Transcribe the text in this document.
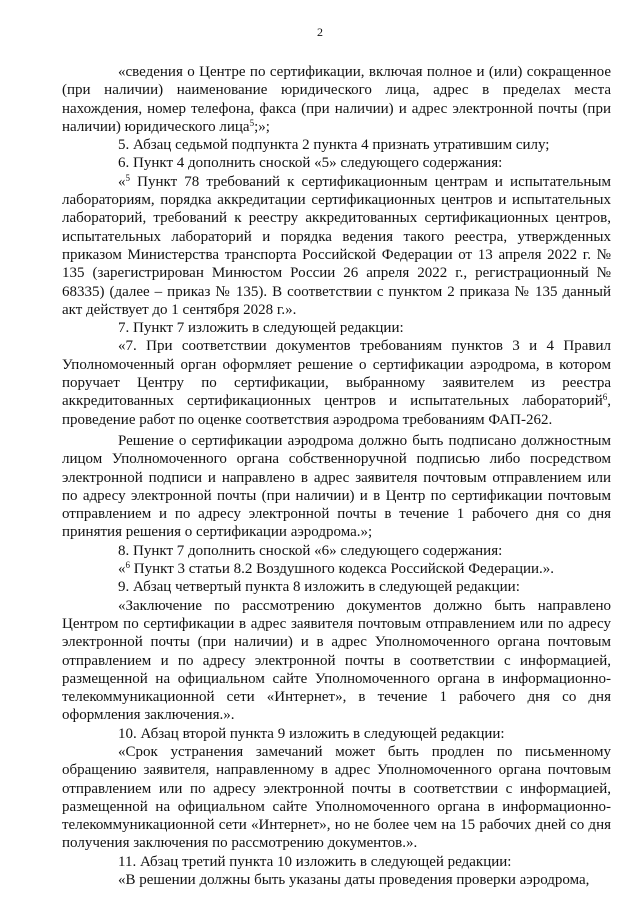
2

«сведения о Центре по сертификации, включая полное и (или) сокращенное (при наличии) наименование юридического лица, адрес в пределах места нахождения, номер телефона, факса (при наличии) и адрес электронной почты (при наличии) юридического лица$^5$;»;

5. Абзац седьмой подпункта 2 пункта 4 признать утратившим силу;

6. Пункт 4 дополнить сноской «5» следующего содержания:

«$^5$ Пункт 78 требований к сертификационным центрам и испытательным лабораториям, порядка аккредитации сертификационных центров и испытательных лабораторий, требований к реестру аккредитованных сертификационных центров, испытательных лабораторий и порядка ведения такого реестра, утвержденных приказом Министерства транспорта Российской Федерации от 13 апреля 2022 г. № 135 (зарегистрирован Минюстом России 26 апреля 2022 г., регистрационный № 68335) (далее – приказ № 135). В соответствии с пунктом 2 приказа № 135 данный акт действует до 1 сентября 2028 г.».

7. Пункт 7 изложить в следующей редакции:

«7. При соответствии документов требованиям пунктов 3 и 4 Правил Уполномоченный орган оформляет решение о сертификации аэродрома, в котором поручает Центру по сертификации, выбранному заявителем из реестра аккредитованных сертификационных центров и испытательных лабораторий$^6$, проведение работ по оценке соответствия аэродрома требованиям ФАП-262.

Решение о сертификации аэродрома должно быть подписано должностным лицом Уполномоченного органа собственноручной подписью либо посредством электронной подписи и направлено в адрес заявителя почтовым отправлением или по адресу электронной почты (при наличии) и в Центр по сертификации почтовым отправлением и по адресу электронной почты в течение 1 рабочего дня со дня принятия решения о сертификации аэродрома.»;

8. Пункт 7 дополнить сноской «6» следующего содержания:

«$^6$ Пункт 3 статьи 8.2 Воздушного кодекса Российской Федерации.».

9. Абзац четвертый пункта 8 изложить в следующей редакции:

«Заключение по рассмотрению документов должно быть направлено Центром по сертификации в адрес заявителя почтовым отправлением или по адресу электронной почты (при наличии) и в адрес Уполномоченного органа почтовым отправлением и по адресу электронной почты в соответствии с информацией, размещенной на официальном сайте Уполномоченного органа в информационно-телекоммуникационной сети «Интернет», в течение 1 рабочего дня со дня оформления заключения.».

10. Абзац второй пункта 9 изложить в следующей редакции:

«Срок устранения замечаний может быть продлен по письменному обращению заявителя, направленному в адрес Уполномоченного органа почтовым отправлением или по адресу электронной почты в соответствии с информацией, размещенной на официальном сайте Уполномоченного органа в информационно-телекоммуникационной сети «Интернет», но не более чем на 15 рабочих дней со дня получения заключения по рассмотрению документов.».

11. Абзац третий пункта 10 изложить в следующей редакции:

«В решении должны быть указаны даты проведения проверки аэродрома,
